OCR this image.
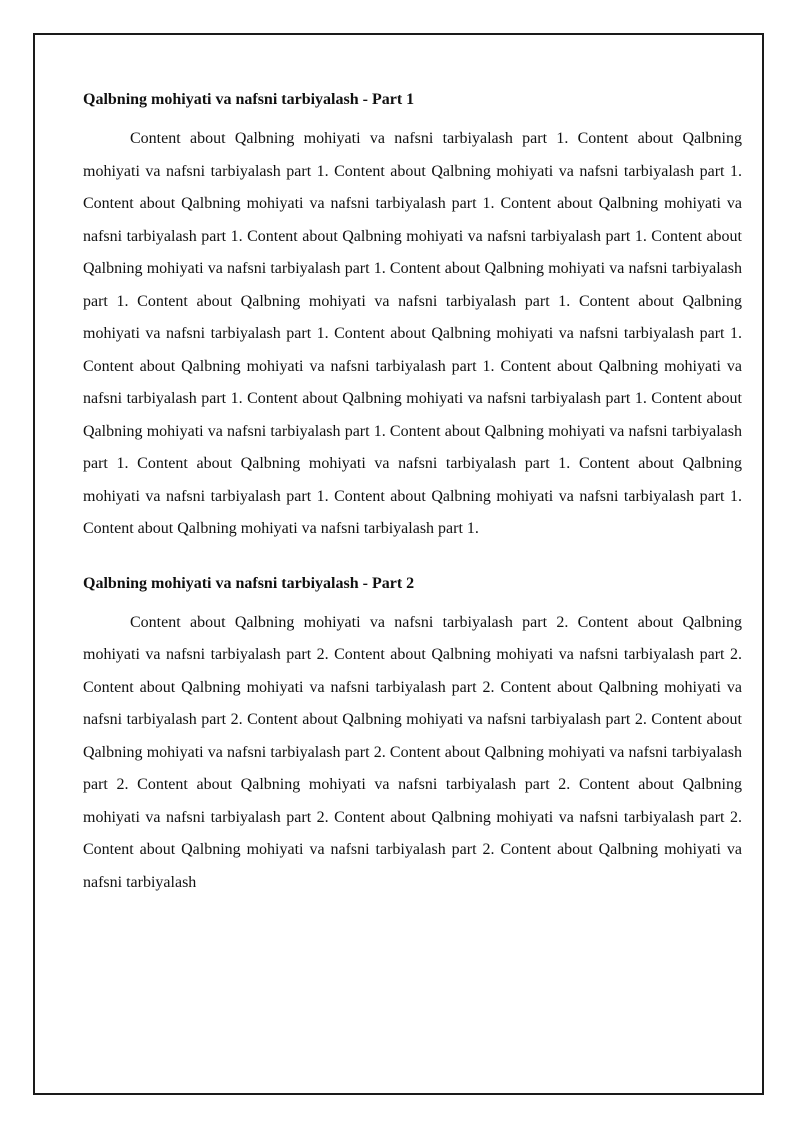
Qalbning mohiyati va nafsni tarbiyalash - Part 1

Content about Qalbning mohiyati va nafsni tarbiyalash part 1. Content about Qalbning mohiyati va nafsni tarbiyalash part 1. Content about Qalbning mohiyati va nafsni tarbiyalash part 1. Content about Qalbning mohiyati va nafsni tarbiyalash part 1. Content about Qalbning mohiyati va nafsni tarbiyalash part 1. Content about Qalbning mohiyati va nafsni tarbiyalash part 1. Content about Qalbning mohiyati va nafsni tarbiyalash part 1. Content about Qalbning mohiyati va nafsni tarbiyalash part 1. Content about Qalbning mohiyati va nafsni tarbiyalash part 1. Content about Qalbning mohiyati va nafsni tarbiyalash part 1. Content about Qalbning mohiyati va nafsni tarbiyalash part 1. Content about Qalbning mohiyati va nafsni tarbiyalash part 1. Content about Qalbning mohiyati va nafsni tarbiyalash part 1. Content about Qalbning mohiyati va nafsni tarbiyalash part 1. Content about Qalbning mohiyati va nafsni tarbiyalash part 1. Content about Qalbning mohiyati va nafsni tarbiyalash part 1. Content about Qalbning mohiyati va nafsni tarbiyalash part 1. Content about Qalbning mohiyati va nafsni tarbiyalash part 1. Content about Qalbning mohiyati va nafsni tarbiyalash part 1. Content about Qalbning mohiyati va nafsni tarbiyalash part 1.

Qalbning mohiyati va nafsni tarbiyalash - Part 2

Content about Qalbning mohiyati va nafsni tarbiyalash part 2. Content about Qalbning mohiyati va nafsni tarbiyalash part 2. Content about Qalbning mohiyati va nafsni tarbiyalash part 2. Content about Qalbning mohiyati va nafsni tarbiyalash part 2. Content about Qalbning mohiyati va nafsni tarbiyalash part 2. Content about Qalbning mohiyati va nafsni tarbiyalash part 2. Content about Qalbning mohiyati va nafsni tarbiyalash part 2. Content about Qalbning mohiyati va nafsni tarbiyalash part 2. Content about Qalbning mohiyati va nafsni tarbiyalash part 2. Content about Qalbning mohiyati va nafsni tarbiyalash part 2. Content about Qalbning mohiyati va nafsni tarbiyalash part 2. Content about Qalbning mohiyati va nafsni tarbiyalash part 2. Content about Qalbning mohiyati va nafsni tarbiyalash
